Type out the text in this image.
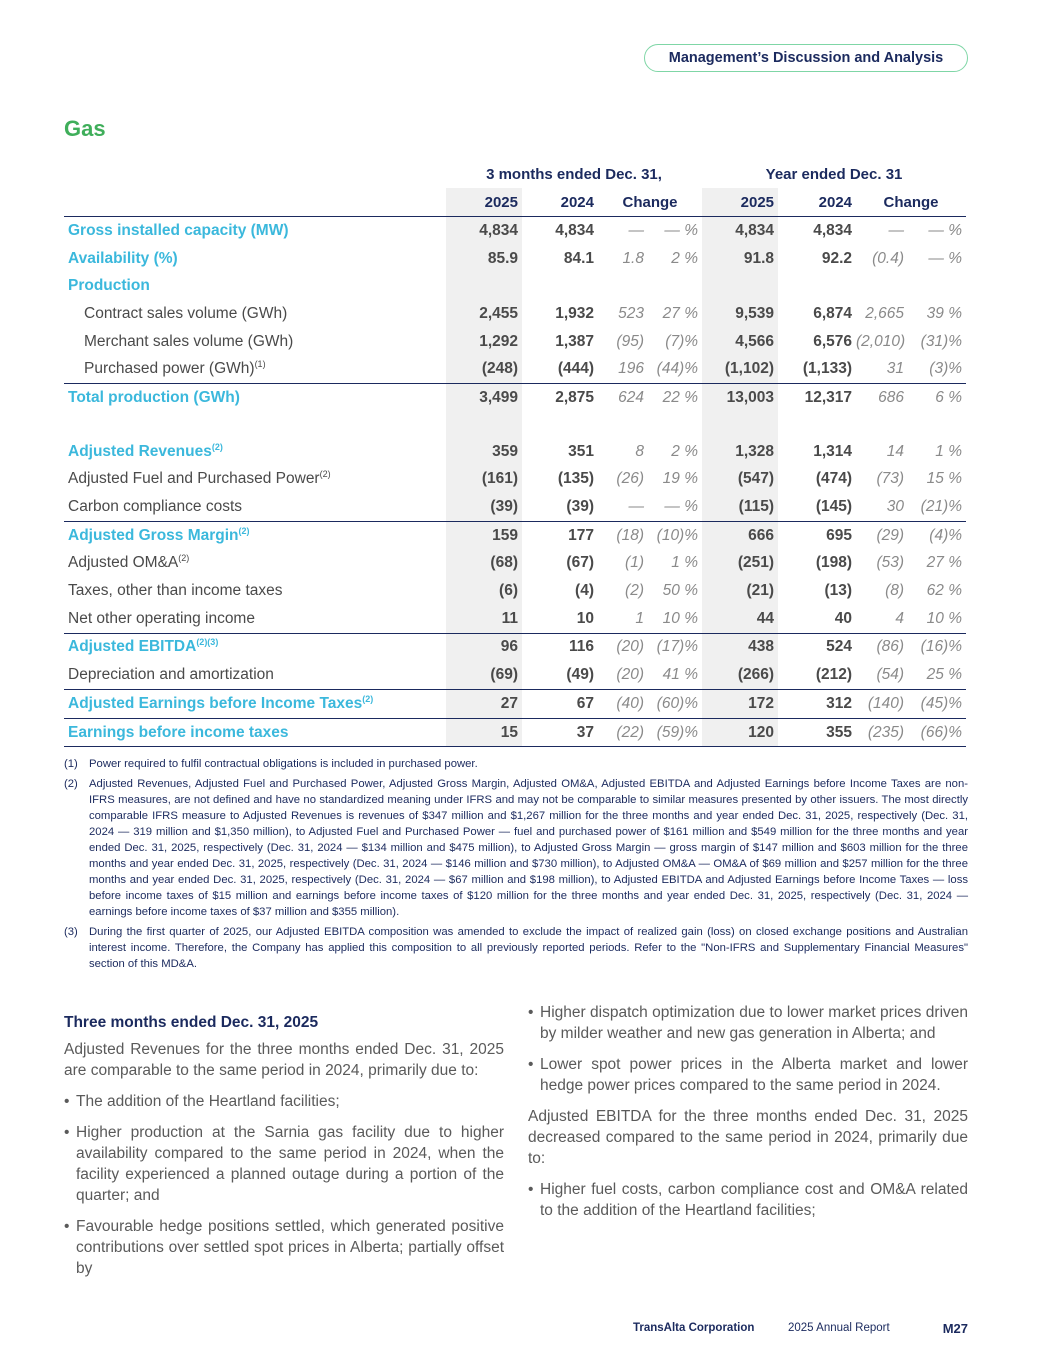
Management’s Discussion and Analysis
Gas
	3 months ended Dec. 31,				Year ended Dec. 31			
	2025	2024	Change		2025	2024	Change	
Gross installed capacity (MW)	4,834	4,834	—	— %	4,834	4,834	—	— %
Availability (%)	85.9	84.1	1.8	2 %	91.8	92.2	(0.4)	— %
Production								
Contract sales volume (GWh)	2,455	1,932	523	27 %	9,539	6,874	2,665	39 %
Merchant sales volume (GWh)	1,292	1,387	(95)	(7)%	4,566	6,576	(2,010)	(31)%
Purchased power (GWh)$^{(1)}$	(248)	(444)	196	(44)%	(1,102)	(1,133)	31	(3)%
Total production (GWh)	3,499	2,875	624	22 %	13,003	12,317	686	6 %

Adjusted Revenues$^{(2)}$	359	351	8	2 %	1,328	1,314	14	1 %
Adjusted Fuel and Purchased Power$^{(2)}$	(161)	(135)	(26)	19 %	(547)	(474)	(73)	15 %
Carbon compliance costs	(39)	(39)	—	— %	(115)	(145)	30	(21)%
Adjusted Gross Margin$^{(2)}$	159	177	(18)	(10)%	666	695	(29)	(4)%
Adjusted $OM\&A^{(2)}$	(68)	(67)	(1)	1 %	(251)	(198)	(53)	27 %
Taxes, other than income taxes	(6)	(4)	(2)	50 %	(21)	(13)	(8)	62 %
Net other operating income	11	10	1	10 %	44	40	4	10 %
Adjusted $EBITDA^{(2)(3)}$	96	116	(20)	(17)%	438	524	(86)	(16)%
Depreciation and amortization	(69)	(49)	(20)	41 %	(266)	(212)	(54)	25 %
Adjusted Earnings before Income Taxes$^{(2)}$	27	67	(40)	(60)%	172	312	(140)	(45)%
Earnings before income taxes	15	37	(22)	(59)%	120	355	(235)	(66)%
(1) Power required to fulfil contractual obligations is included in purchased power.
(2) Adjusted Revenues, Adjusted Fuel and Purchased Power, Adjusted Gross Margin, Adjusted OM&A, Adjusted EBITDA and Adjusted Earnings before Income Taxes are non-IFRS measures, are not defined and have no standardized meaning under IFRS and may not be comparable to similar measures presented by other issuers. The most directly comparable IFRS measure to Adjusted Revenues is revenues of $347 million and $1,267 million for the three months and year ended Dec. 31, 2025, respectively (Dec. 31, 2024 — 319 million and $1,350 million), to Adjusted Fuel and Purchased Power — fuel and purchased power of $161 million and $549 million for the three months and year ended Dec. 31, 2025, respectively (Dec. 31, 2024 — $134 million and $475 million), to Adjusted Gross Margin — gross margin of $147 million and $603 million for the three months and year ended Dec. 31, 2025, respectively (Dec. 31, 2024 — $146 million and $730 million), to Adjusted OM&A — OM&A of $69 million and $257 million for the three months and year ended Dec. 31, 2025, respectively (Dec. 31, 2024 — $67 million and $198 million), to Adjusted EBITDA and Adjusted Earnings before Income Taxes — loss before income taxes of $15 million and earnings before income taxes of $120 million for the three months and year ended Dec. 31, 2025, respectively (Dec. 31, 2024 — earnings before income taxes of $37 million and $355 million).
(3) During the first quarter of 2025, our Adjusted EBITDA composition was amended to exclude the impact of realized gain (loss) on closed exchange positions and Australian interest income. Therefore, the Company has applied this composition to all previously reported periods. Refer to the "Non-IFRS and Supplementary Financial Measures" section of this MD&A.
Three months ended Dec. 31, 2025
Adjusted Revenues for the three months ended Dec. 31, 2025 are comparable to the same period in 2024, primarily due to:
• The addition of the Heartland facilities;
• Higher production at the Sarnia gas facility due to higher availability compared to the same period in 2024, when the facility experienced a planned outage during a portion of the quarter; and
• Favourable hedge positions settled, which generated positive contributions over settled spot prices in Alberta; partially offset by
• Higher dispatch optimization due to lower market prices driven by milder weather and new gas generation in Alberta; and
• Lower spot power prices in the Alberta market and lower hedge power prices compared to the same period in 2024.
Adjusted EBITDA for the three months ended Dec. 31, 2025 decreased compared to the same period in 2024, primarily due to:
• Higher fuel costs, carbon compliance cost and OM&A related to the addition of the Heartland facilities;
TransAlta Corporation	2025 Annual Report	M27
